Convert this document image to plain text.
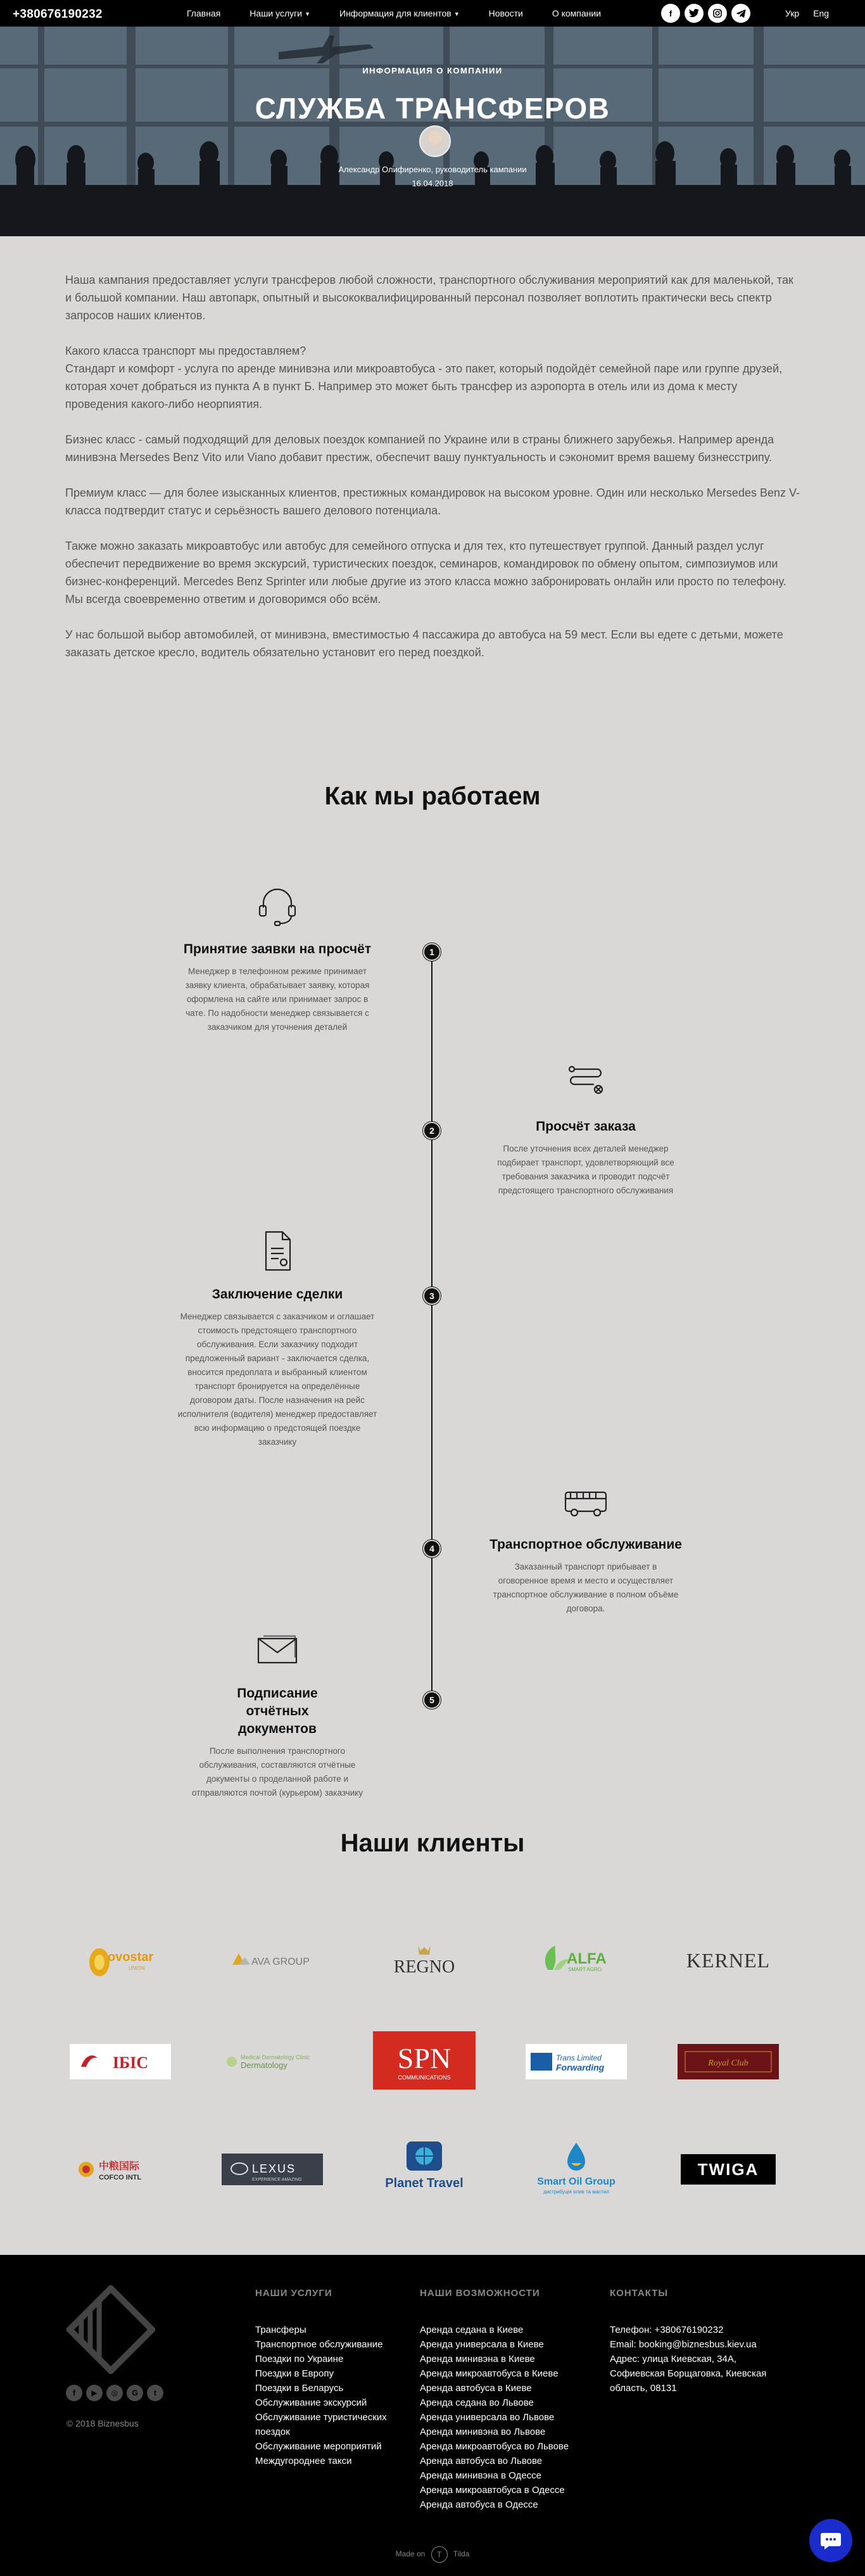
ИНФОРМАЦИЯ О КОМПАНИИ
СЛУЖБА ТРАНСФЕРОВ
Александр Олифиренко, руководитель кампании
16.04.2018
+380676190232	Главная	Наши услуги ▼	Информация для клиентов ▼	Новости	О компании	f	Укр Eng

Наша кампания предоставляет услуги трансферов любой сложности, транспортного обслуживания мероприятий как для маленькой, так и большой компании. Наш автопарк, опытный и высококвалифицированный персонал позволяет воплотить практически весь спектр запросов наших клиентов.

Какого класса транспорт мы предоставляем?
Стандарт и комфорт - услуга по аренде минивэна или микроавтобуса - это пакет, который подойдёт семейной паре или группе друзей, которая хочет добраться из пункта А в пункт Б. Например это может быть трансфер из аэропорта в отель или из дома к месту проведения какого-либо неорпиятия.

Бизнес класс - самый подходящий для деловых поездок компанией по Украине или в страны ближнего зарубежья. Например аренда минивэна Mersedes Benz Vito или Viano добавит престиж, обеспечит вашу пунктуальность и сэкономит время вашему бизнесстрипу.

Премиум класс — для более изысканных клиентов, престижных командировок на высоком уровне. Один или несколько Mersedes Benz V-класса подтвердит статус и серьёзность вашего делового потенциала.

Также можно заказать микроавтобус или автобус для семейного отпуска и для тех, кто путешествует группой. Данный раздел услуг обеспечит передвижение во время экскурсий, туристических поездок, семинаров, командировок по обмену опытом, симпозиумов или бизнес-конференций. Mercedes Benz Sprinter или любые другие из этого класса можно забронировать онлайн или просто по телефону. Мы всегда своевременно ответим и договоримся обо всём.

У нас большой выбор автомобилей, от минивэна, вместимостью 4 пассажира до автобуса на 59 мест. Если вы едете с детьми, можете заказать детское кресло, водитель обязательно установит его перед поездкой.

Как мы работаем
1
2
3
4
5
Принятие заявки на просчёт

Менеджер в телефонном режиме принимает заявку клиента, обрабатывает заявку, которая оформлена на сайте или принимает запрос в чате. По надобности менеджер связывается с заказчиком для уточнения деталей

Просчёт заказа

После уточнения всех деталей менеджер подбирает транспорт, удовлетворяющий все требования заказчика и проводит подсчёт предстоящего транспортного обслуживания

Заключение сделки

Менеджер связывается с заказчиком и оглашает стоимость предстоящего транспортного обслуживания. Если заказчику подходит предложенный вариант - заключается сделка, вносится предоплата и выбранный клиентом транспорт бронируется на определённые договором даты. После назначения на рейс исполнителя (водителя) менеджер предоставляет всю информацию о предстоящей поездке заказчику

Транспортное обслуживание

Заказанный транспорт прибывает в оговоренное время и место и осуществляет транспортное обслуживание в полном объёме договора.

Подписание отчётных документов

После выполнения транспортного обслуживания, составляются отчётные документы о проделанной работе и отправляются почтой (курьером) заказчику

Наши клиенты
ovostar
UNION
AVA GROUP	REGNO	ALFA
SMART AGRO	KERNEL
ІБІС	Medical Dermatology Clinic
Dermatology	SPN
COMMUNICATIONS
Trans Limited
Forwarding	Royal Club
中粮国际
COFCO INTL
LEXUS
EXPERIENCE AMAZING	Planet Travel	Smart Oil Group
дистрибуція олив та мастил
TWIGA
f	▶	◎	G	t
© 2018 Biznesbus
НАШИ УСЛУГИ
Трансферы
Транспортное обслуживание
Поездки по Украине
Поездки в Европу
Поездки в Беларусь
Обслуживание экскурсий
Обслуживание туристических поездок
Обслуживание мероприятий
Междугороднее такси
НАШИ ВОЗМОЖНОСТИ
Аренда седана в Киеве
Аренда универсала в Киеве
Аренда минивэна в Киеве
Аренда микроавтобуса в Киеве
Аренда автобуса в Киеве
Аренда седана во Львове
Аренда универсала во Львове
Аренда минивэна во Львове
Аренда микроавтобуса во Львове
Аренда автобуса во Львове
Аренда минивэна в Одессе
Аренда микроавтобуса в Одессе
Аренда автобуса в Одессе
КОНТАКТЫ
Телефон: +380676190232
Email: booking@biznesbus.kiev.ua
Адрес: улица Киевская, 34А, Софиевская Борщаговка, Киевская область, 08131
Made on T Tilda
